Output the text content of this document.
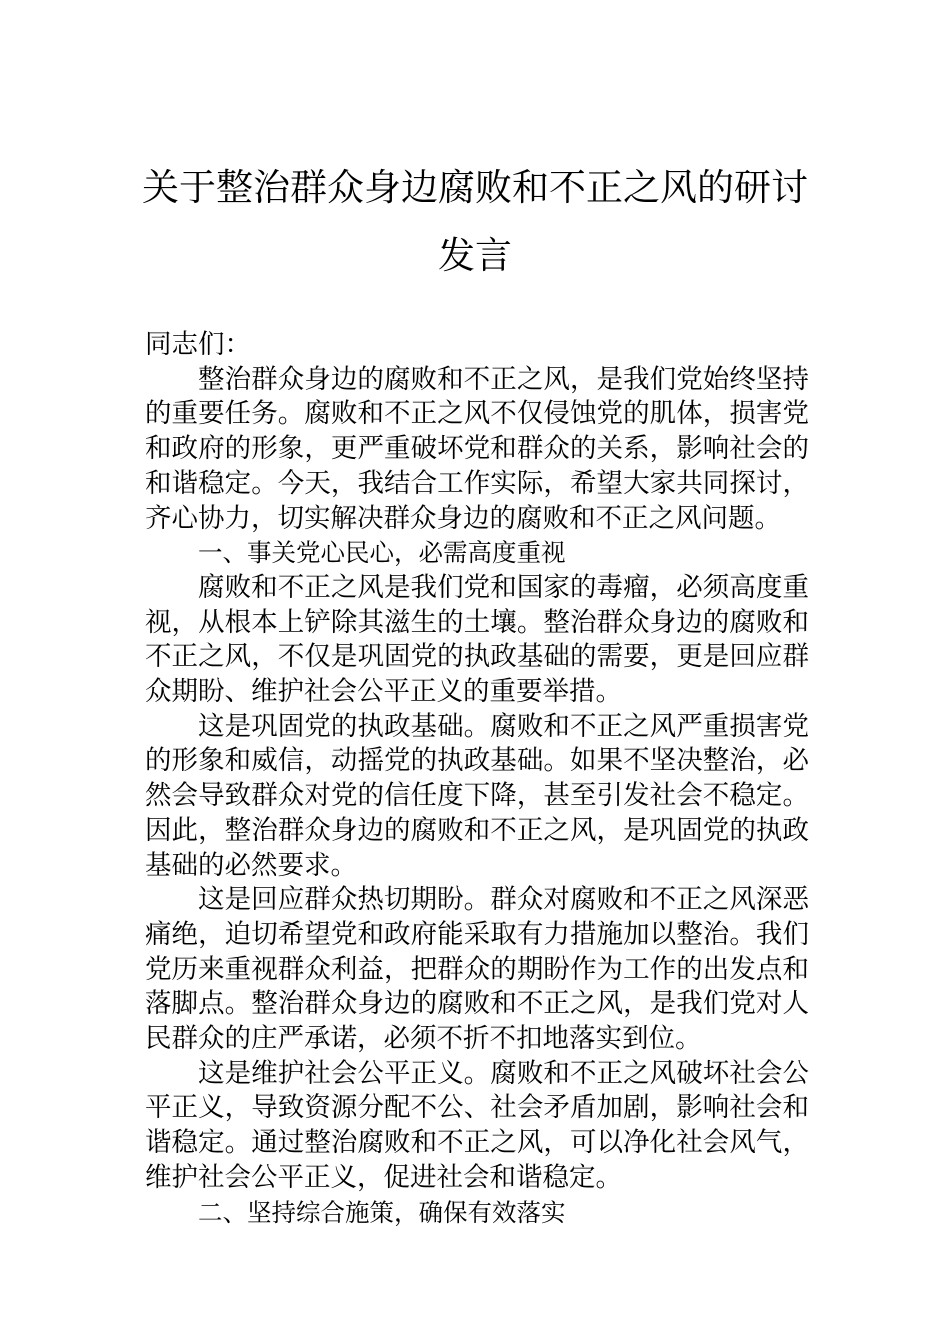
关于整治群众身边腐败和不正之风的研讨
发言

同志们：

整治群众身边的腐败和不正之风，是我们党始终坚持的重要任务。腐败和不正之风不仅侵蚀党的肌体，损害党和政府的形象，更严重破坏党和群众的关系，影响社会的和谐稳定。今天，我结合工作实际，希望大家共同探讨，齐心协力，切实解决群众身边的腐败和不正之风问题。

一、事关党心民心，必需高度重视

腐败和不正之风是我们党和国家的毒瘤，必须高度重视，从根本上铲除其滋生的土壤。整治群众身边的腐败和不正之风，不仅是巩固党的执政基础的需要，更是回应群众期盼、维护社会公平正义的重要举措。

这是巩固党的执政基础。腐败和不正之风严重损害党的形象和威信，动摇党的执政基础。如果不坚决整治，必然会导致群众对党的信任度下降，甚至引发社会不稳定。因此，整治群众身边的腐败和不正之风，是巩固党的执政基础的必然要求。

这是回应群众热切期盼。群众对腐败和不正之风深恶痛绝，迫切希望党和政府能采取有力措施加以整治。我们党历来重视群众利益，把群众的期盼作为工作的出发点和落脚点。整治群众身边的腐败和不正之风，是我们党对人民群众的庄严承诺，必须不折不扣地落实到位。

这是维护社会公平正义。腐败和不正之风破坏社会公平正义，导致资源分配不公、社会矛盾加剧，影响社会和谐稳定。通过整治腐败和不正之风，可以净化社会风气，维护社会公平正义，促进社会和谐稳定。

二、坚持综合施策，确保有效落实
